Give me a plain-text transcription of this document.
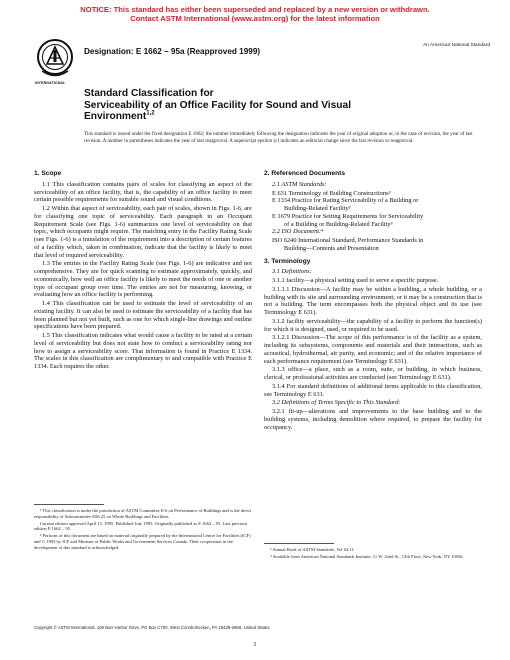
NOTICE: This standard has either been superseded and replaced by a new version or withdrawn.
Contact ASTM International (www.astm.org) for the latest information
INTERNATIONAL
Designation: E 1662 – 95a (Reapproved 1999)
An American National Standard
Standard Classification for
Serviceability of an Office Facility for Sound and Visual
Environment$^{1,2}$
This standard is issued under the fixed designation E 1662; the number immediately following the designation indicates the year of original adoption or, in the case of revision, the year of last revision. A number in parentheses indicates the year of last reapproval. A superscript epsilon (ε) indicates an editorial change since the last revision or reapproval.
1. Scope
1.1 This classification contains pairs of scales for classifying an aspect of the serviceability of an office facility, that is, the capability of an office facility to meet certain possible requirements for suitable sound and visual conditions.
1.2 Within that aspect of serviceability, each pair of scales, shown in Figs. 1-6, are for classifying one topic of serviceability. Each paragraph in an Occupant Requirement Scale (see Figs. 1-6) summarizes one level of serviceability on that topic, which occupants might require. The matching entry in the Facility Rating Scale (see Figs. 1-6) is a translation of the requirement into a description of certain features of a facility which, taken in combination, indicate that the facility is likely to meet that level of required serviceability.
1.3 The entries in the Facility Rating Scale (see Figs. 1-6) are indicative and not comprehensive. They are for quick scanning to estimate approximately, quickly, and economically, how well an office facility is likely to meet the needs of one or another type of occupant group over time. The entries are not for measuring, knowing, or evaluating how an office facility is performing.
1.4 This classification can be used to estimate the level of serviceability of an existing facility. It can also be used to estimate the serviceability of a facility that has been planned but not yet built, such as one for which single-line drawings and outline specifications have been prepared.
1.5 This classification indicates what would cause a facility to be rated at a certain level of serviceability but does not state how to conduct a serviceability rating nor how to assign a serviceability score. That information is found in Practice E 1334. The scales in this classification are complimentary to and compatible with Practice E 1334. Each requires the other.

¹ This classification is under the jurisdiction of ASTM Committee E-6 on Performance of Buildings and is the direct responsibility of Subcommittee E06.25 on Whole Buildings and Facilities.

Current edition approved April 15, 1995. Published July 1995. Originally published as E 1662 – 95. Last previous edition E 1662 – 95.

² Portions of this document are based on material originally prepared by the International Centre for Facilities (ICF) and © 1993 by ICF and Minister of Public Works and Government Services Canada. Their cooperation in the development of this standard is acknowledged.

2. Referenced Documents
2.1 ASTM Standards:
E 631 Terminology of Building Constructions³
E 1334 Practice for Rating Serviceability of a Building or
Building-Related Facility³
E 1679 Practice for Setting Requirements for Serviceability
of a Building or Building-Related Facility³
2.2 ISO Document:⁴
ISO 6240 International Standard, Performance Standards in
Building—Contents and Presentation
3. Terminology
3.1 Definitions:
3.1.1 facility—a physical setting used to serve a specific purpose.
3.1.1.1 Discussion—A facility may be within a building, a whole building, or a building with its site and surrounding environment; or it may be a construction that is not a building. The term encompasses both the physical object and its use (see Terminology E 631).
3.1.2 facility serviceability—the capability of a facility to perform the function(s) for which it is designed, used, or required to be used.
3.1.2.1 Discussion—The scope of this performance is of the facility as a system, including its subsystems, components and materials and their interactions, such as acoustical, hydrothermal, air purity, and economic; and of the relative importance of each performance requirement (see Terminology E 631).
3.1.3 office—a place, such as a room, suite, or building, in which business, clerical, or professional activities are conducted (see Terminology E 631).
3.1.4 For standard definitions of additional terms applicable to this classification, see Terminology E 631.
3.2 Definitions of Terms Specific to This Standard:
3.2.1 fit-up—alterations and improvements to the base building and to the building systems, including demolition where required, to prepare the facility for occupancy.

³ Annual Book of ASTM Standards, Vol 04.11.

⁴ Available from American National Standards Institute, 11 W. 42nd St., 13th Floor, New York, NY 10036.

Copyright © ASTM International, 100 Barr Harbor Drive, PO Box C700, West Conshohocken, PA 19428-2959, United States.
1
